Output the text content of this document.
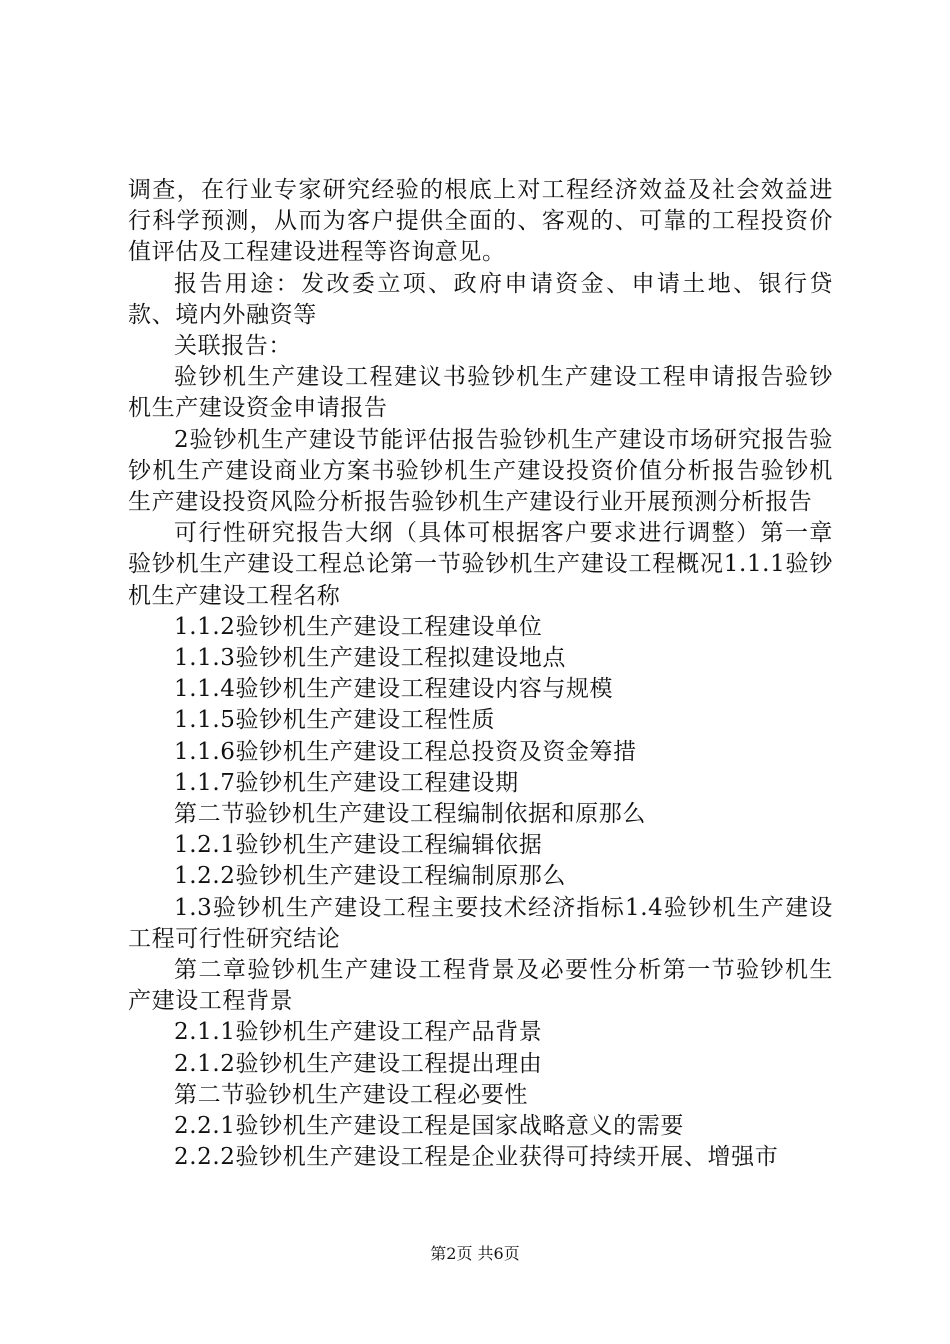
调查，在行业专家研究经验的根底上对工程经济效益及社会效益进行科学预测，从而为客户提供全面的、客观的、可靠的工程投资价值评估及工程建设进程等咨询意见。

报告用途：发改委立项、政府申请资金、申请土地、银行贷款、境内外融资等

关联报告：

验钞机生产建设工程建议书验钞机生产建设工程申请报告验钞机生产建设资金申请报告

2验钞机生产建设节能评估报告验钞机生产建设市场研究报告验钞机生产建设商业方案书验钞机生产建设投资价值分析报告验钞机生产建设投资风险分析报告验钞机生产建设行业开展预测分析报告

可行性研究报告大纲（具体可根据客户要求进行调整）第一章验钞机生产建设工程总论第一节验钞机生产建设工程概况1.1.1验钞机生产建设工程名称

1.1.2验钞机生产建设工程建设单位

1.1.3验钞机生产建设工程拟建设地点

1.1.4验钞机生产建设工程建设内容与规模

1.1.5验钞机生产建设工程性质

1.1.6验钞机生产建设工程总投资及资金筹措

1.1.7验钞机生产建设工程建设期

第二节验钞机生产建设工程编制依据和原那么

1.2.1验钞机生产建设工程编辑依据

1.2.2验钞机生产建设工程编制原那么

1.3验钞机生产建设工程主要技术经济指标1.4验钞机生产建设工程可行性研究结论

第二章验钞机生产建设工程背景及必要性分析第一节验钞机生产建设工程背景

2.1.1验钞机生产建设工程产品背景

2.1.2验钞机生产建设工程提出理由

第二节验钞机生产建设工程必要性

2.2.1验钞机生产建设工程是国家战略意义的需要

2.2.2验钞机生产建设工程是企业获得可持续开展、增强市

第2页 共6页
